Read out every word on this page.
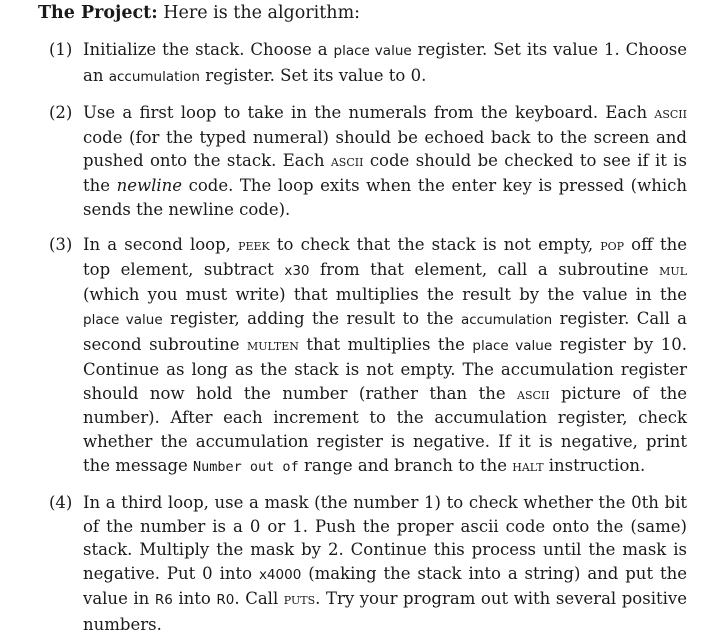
The Project: Here is the algorithm:

(1) Initialize the stack. Choose a place value register. Set its value 1. Choose an accumulation register. Set its value to 0.
(2) Use a first loop to take in the numerals from the keyboard. Each ascii code (for the typed numeral) should be echoed back to the screen and pushed onto the stack. Each ascii code should be checked to see if it is the newline code. The loop exits when the enter key is pressed (which sends the newline code).
(3) In a second loop, peek to check that the stack is not empty, pop off the top element, subtract x30 from that element, call a subroutine mul (which you must write) that multiplies the result by the value in the place value register, adding the result to the accumulation register. Call a second subroutine multen that multiplies the place value register by 10. Continue as long as the stack is not empty. The accumulation register should now hold the number (rather than the ascii picture of the number). After each increment to the accumulation register, check whether the accumulation register is negative. If it is negative, print the message Number out of range and branch to the halt instruction.
(4) In a third loop, use a mask (the number 1) to check whether the 0th bit of the number is a 0 or 1. Push the proper ascii code onto the (same) stack. Multiply the mask by 2. Continue this process until the mask is negative. Put 0 into x4000 (making the stack into a string) and put the value in R6 into R0. Call puts. Try your program out with several positive numbers.
